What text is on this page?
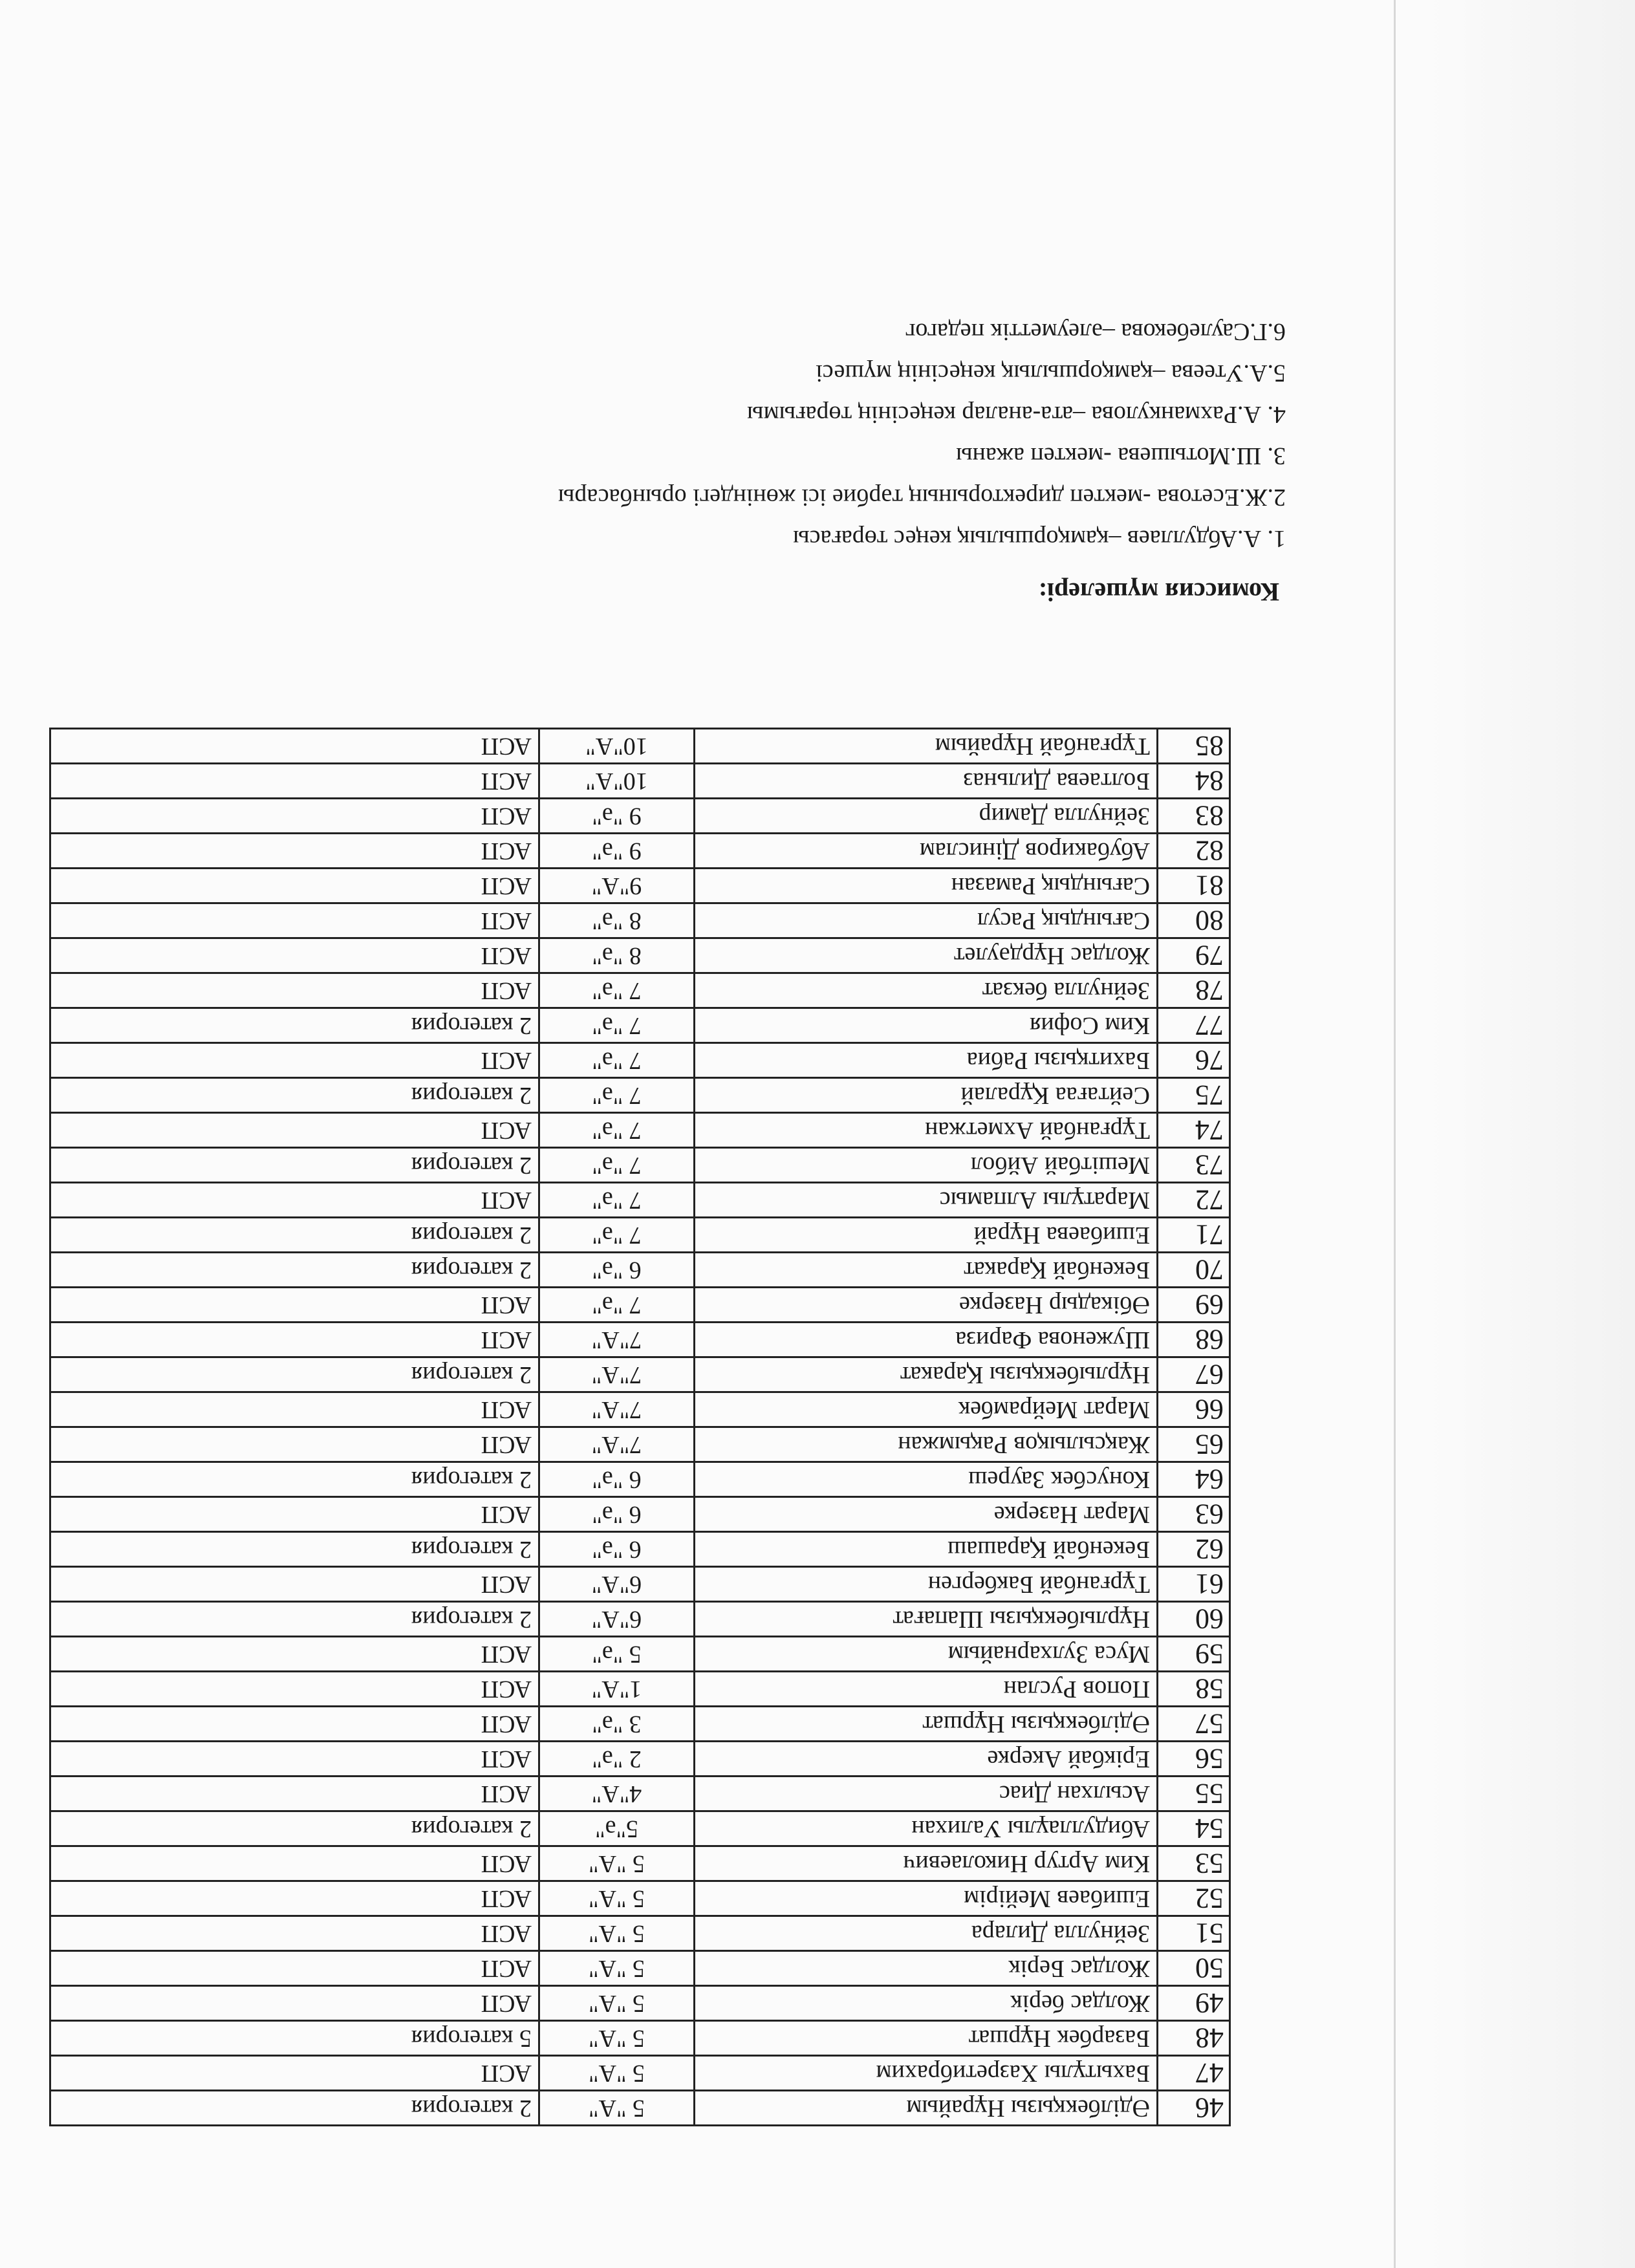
46	Әділбекқызы Нұрайым	5 "А"	2 категория
47	Бахытұлы Хазретибрахим	5 "А"	АСП
48	Базарбек Нұршат	5 "А"	5 категория
49	Жолдас берік	5 "А"	АСП
50	Жолдас Берік	5 "А"	АСП
51	Зейнулла Дилара	5 "А"	АСП
52	Ешибаев Мейірім	5 "А"	АСП
53	Ким Артур Николаевич	5 "А"	АСП
54	Абидуллаұлы Уалихан	5"ә"	2 категория
55	Асылхан Диас	4"А"	АСП
56	Ерікбай Акерке	2 "ә"	АСП
57	Әділбекқызы Нұршат	3 "ә"	АСП
58	Попов Руслан	1"А"	АСП
59	Муса Зулхарнайым	5 "ә"	АСП
60	Нұрлыбекқызы Шапағат	6"А"	2 категория
61	Тұрғанбай Бакберген	6"А"	АСП
62	Бекенбай Қарашаш	6 "ә"	2 категория
63	Марат Назерке	6 "ә"	АСП
64	Конусбек Зауреш	6 "ә"	2 категория
65	Жақсылықов Рақымжан	7"А"	АСП
66	Марат Мейрамбек	7"А"	АСП
67	Нұрлыбекқызы Қаракат	7"А"	2 категория
68	Шуженова Фариза	7"А"	АСП
69	Әбікадыр Назерке	7 "ә"	АСП
70	Бекенбай Қаракат	6 "ә"	2 категория
71	Ешибаева Нұрай	7 "ә"	2 категория
72	Маратұлы Алпамыс	7 "ә"	АСП
73	Мешітбай Айбол	7 "ә"	2 категория
74	Тұрғанбай Ахметжан	7 "ә"	АСП
75	Сейтағаа Құралай	7 "ә"	2 категория
76	Бахитқызы Рабиа	7 "ә"	АСП
77	Ким София	7 "ә"	2 категория
78	Зейнулла бекзат	7 "ә"	АСП
79	Жолдас Нұрдәулет	8 "ә"	АСП
80	Сағындық Расул	8 "ә"	АСП
81	Сағындық Рамазан	9"А"	АСП
82	Абубакиров Дінислам	9 "ә"	АСП
83	Зейнулла Дамир	9 "ә"	АСП
84	Болтаева Дильназ	10"А"	АСП
85	Тұрғанбай Нұрайым	10"А"	АСП
Комиссия мүшелері:

1. А.Абдуллаев –қамқоршылық кеңес төрағасы

2.Ж.Есетова -мектеп директорының тәрбие ісі жөніндегі орынбасары

3. Ш.Мотышева -мектеп ажаны

4. А.Рахманкулова –ата-аналар кеңесінің төрағымы

5.А.Утеева –қамқоршылық кеңесінің мүшесі

6.Г.Саулебекова –әлеуметтік педагог
